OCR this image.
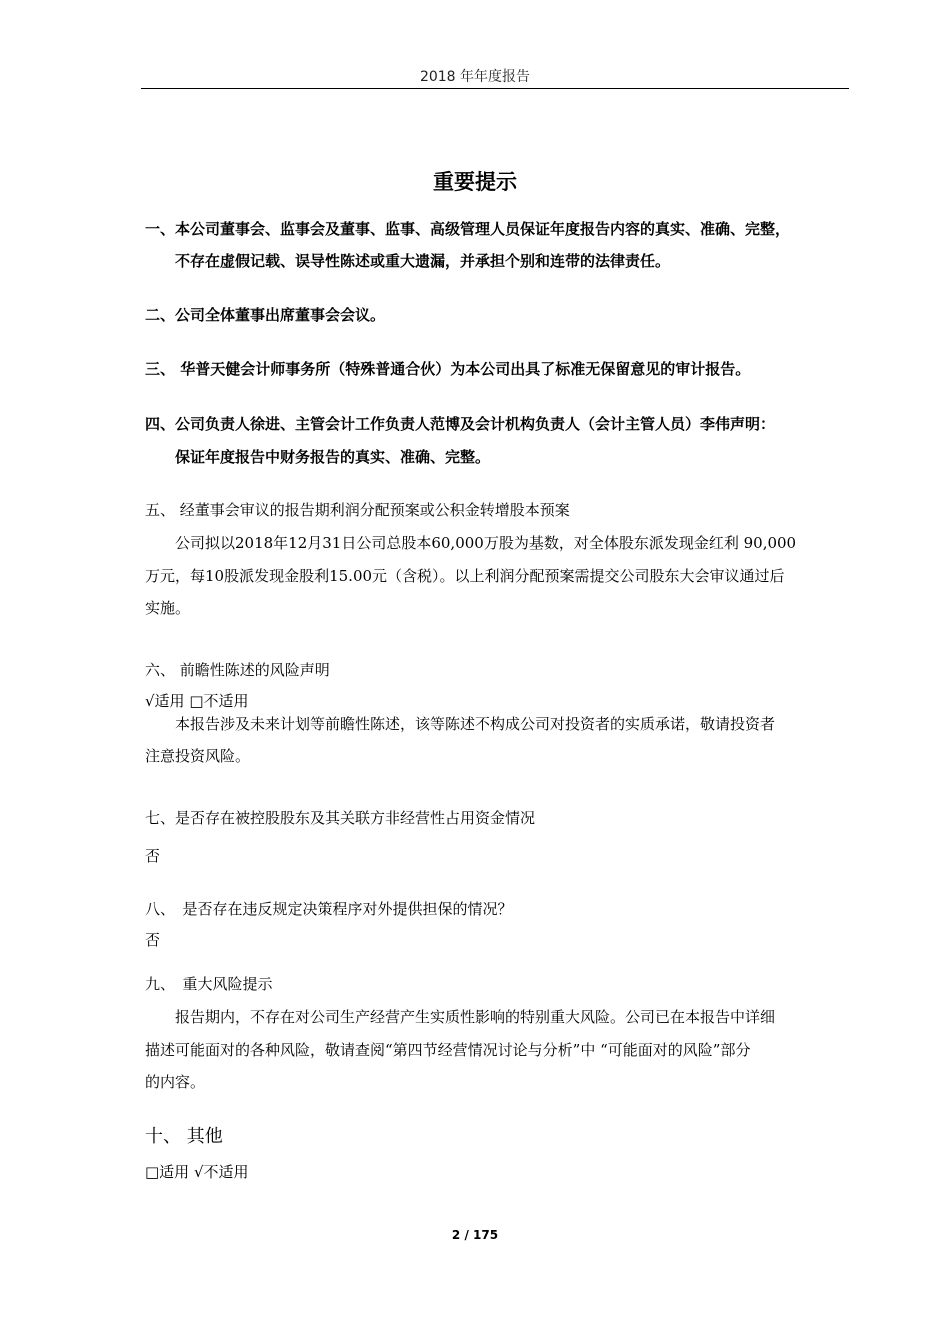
2018 年年度报告
重要提示
一、本公司董事会、监事会及董事、监事、高级管理人员保证年度报告内容的真实、准确、完整，
不存在虚假记载、误导性陈述或重大遗漏，并承担个别和连带的法律责任。
二、公司全体董事出席董事会会议。
三、 华普天健会计师事务所（特殊普通合伙）为本公司出具了标准无保留意见的审计报告。
四、公司负责人徐进、主管会计工作负责人范博及会计机构负责人（会计主管人员）李伟声明：
保证年度报告中财务报告的真实、准确、完整。
五、 经董事会审议的报告期利润分配预案或公积金转增股本预案
公司拟以2018年12月31日公司总股本60,000万股为基数，对全体股东派发现金红利 90,000
万元，每10股派发现金股利15.00元（含税）。以上利润分配预案需提交公司股东大会审议通过后
实施。
六、 前瞻性陈述的风险声明
√适用 □不适用
本报告涉及未来计划等前瞻性陈述，该等陈述不构成公司对投资者的实质承诺，敬请投资者
注意投资风险。
七、是否存在被控股股东及其关联方非经营性占用资金情况
否
八、　是否存在违反规定决策程序对外提供担保的情况？
否
九、　重大风险提示
报告期内，不存在对公司生产经营产生实质性影响的特别重大风险。公司已在本报告中详细
描述可能面对的各种风险，敬请查阅“第四节经营情况讨论与分析”中 “可能面对的风险”部分
的内容。
十、 其他
□适用 √不适用
2 / 175
